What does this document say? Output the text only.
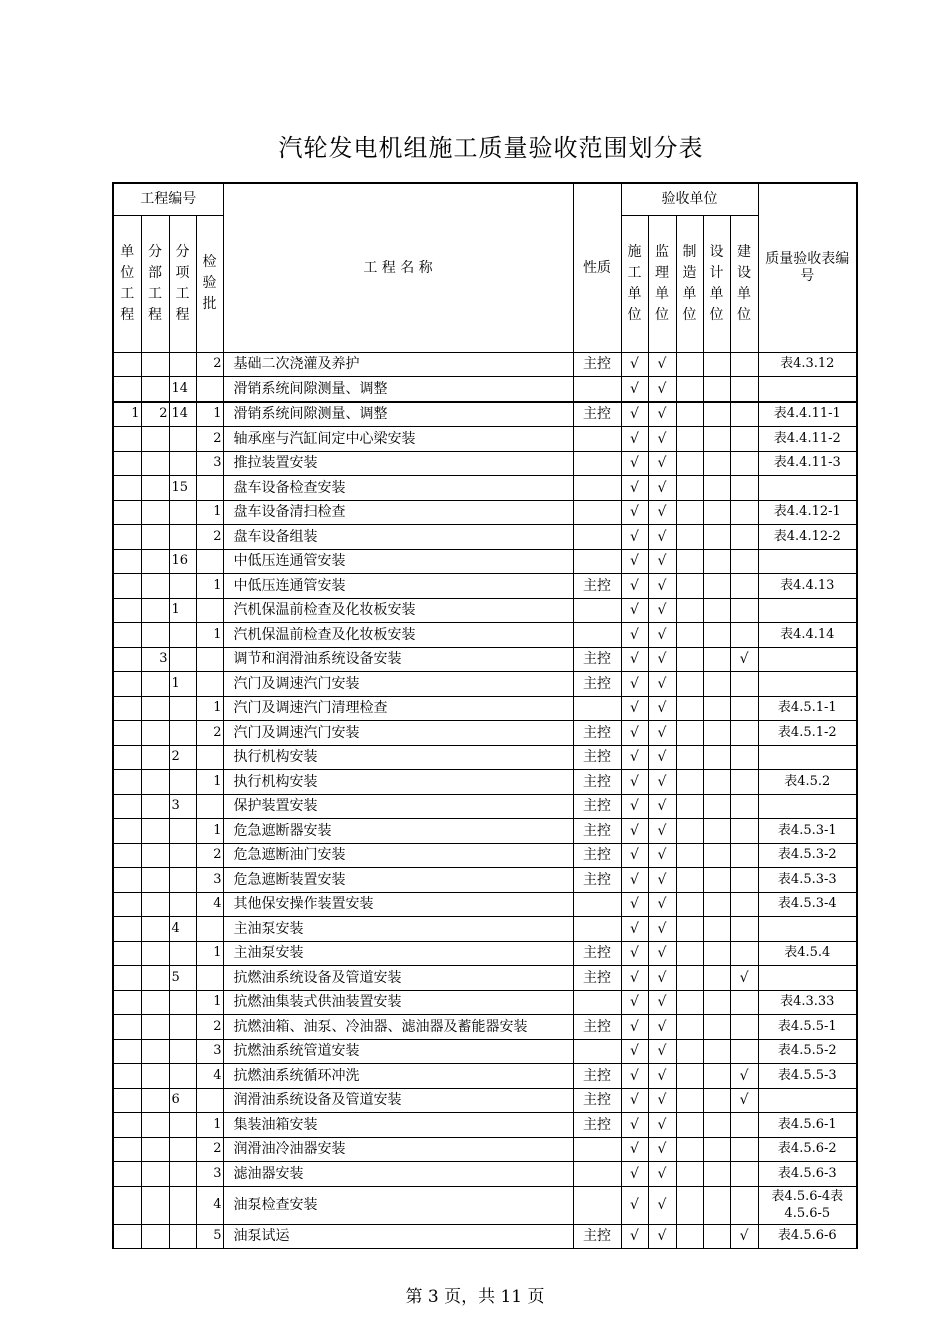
汽轮发电机组施工质量验收范围划分表
工程编号				工 程 名 称	性质	验收单位					质量验收表编号
单位工程	分部工程	分项工程	检验批			施工单位	监理单位	制造单位	设计单位	建设单位	
			2	基础二次浇灌及养护	主控	√	√				表4.3.12
		14		滑销系统间隙测量、调整		√	√				
1	2	14	1	滑销系统间隙测量、调整	主控	√	√				表4.4.11-1
			2	轴承座与汽缸间定中心梁安装		√	√				表4.4.11-2
			3	推拉装置安装		√	√				表4.4.11-3
		15		盘车设备检查安装		√	√				
			1	盘车设备清扫检查		√	√				表4.4.12-1
			2	盘车设备组装		√	√				表4.4.12-2
		16		中低压连通管安装		√	√				
			1	中低压连通管安装	主控	√	√				表4.4.13
		1		汽机保温前检查及化妆板安装		√	√				
			1	汽机保温前检查及化妆板安装		√	√				表4.4.14
	3			调节和润滑油系统设备安装	主控	√	√			√	
		1		汽门及调速汽门安装	主控	√	√				
			1	汽门及调速汽门清理检查		√	√				表4.5.1-1
			2	汽门及调速汽门安装	主控	√	√				表4.5.1-2
		2		执行机构安装	主控	√	√				
			1	执行机构安装	主控	√	√				表4.5.2
		3		保护装置安装	主控	√	√				
			1	危急遮断器安装	主控	√	√				表4.5.3-1
			2	危急遮断油门安装	主控	√	√				表4.5.3-2
			3	危急遮断装置安装	主控	√	√				表4.5.3-3
			4	其他保安操作装置安装		√	√				表4.5.3-4
		4		主油泵安装		√	√				
			1	主油泵安装	主控	√	√				表4.5.4
		5		抗燃油系统设备及管道安装	主控	√	√			√	
			1	抗燃油集装式供油装置安装		√	√				表4.3.33
			2	抗燃油箱、油泵、冷油器、滤油器及蓄能器安装	主控	√	√				表4.5.5-1
			3	抗燃油系统管道安装		√	√				表4.5.5-2
			4	抗燃油系统循环冲洗	主控	√	√			√	表4.5.5-3
		6		润滑油系统设备及管道安装	主控	√	√			√	
			1	集装油箱安装	主控	√	√				表4.5.6-1
			2	润滑油冷油器安装		√	√				表4.5.6-2
			3	滤油器安装		√	√				表4.5.6-3
			4	油泵检查安装		√	√				表4.5.6-4表4.5.6-5
			5	油泵试运	主控	√	√			√	表4.5.6-6
第 3 页，共 11 页
